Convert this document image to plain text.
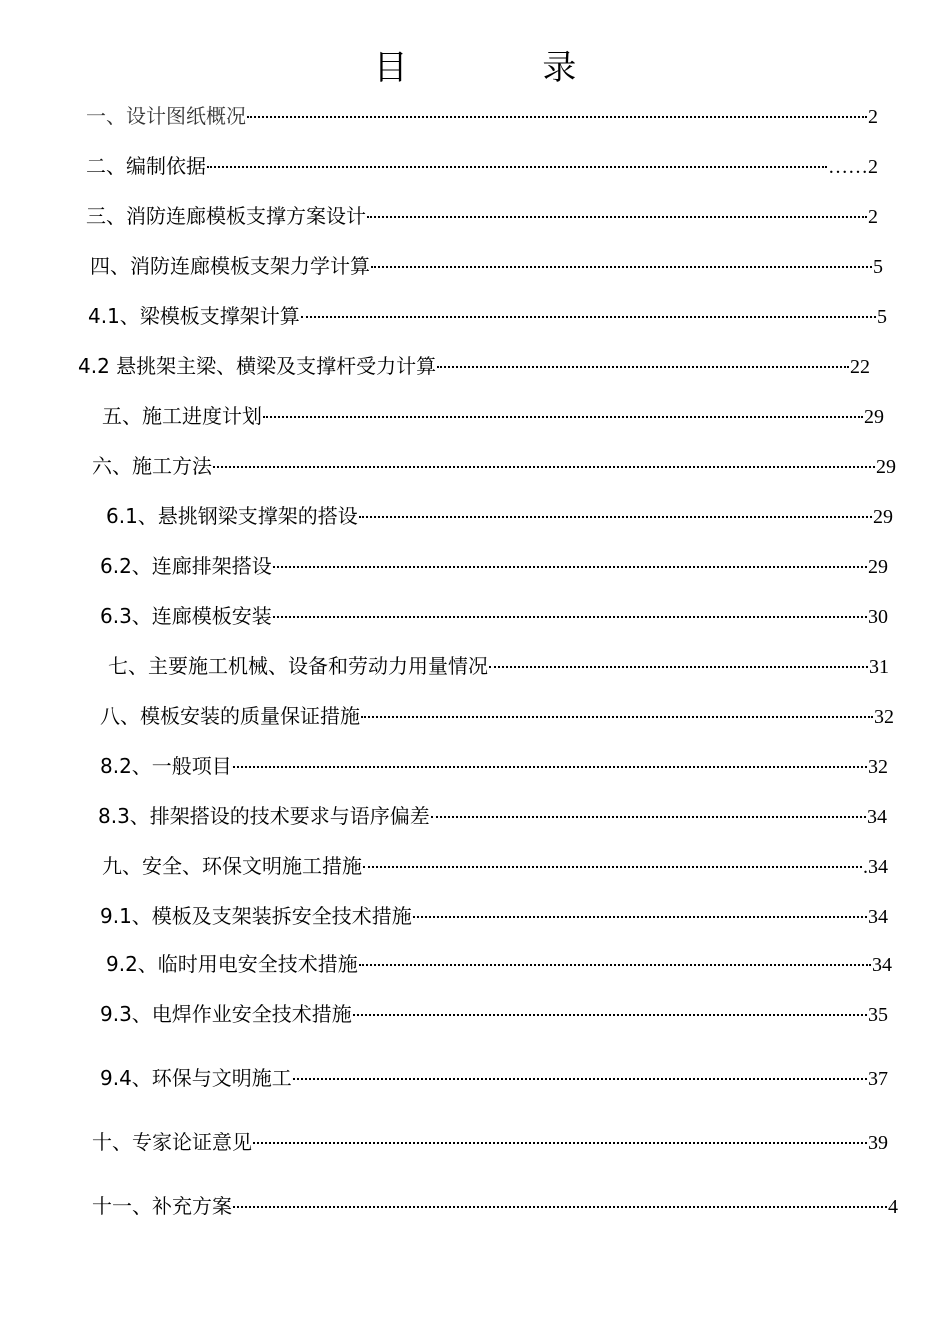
目 录
一、设计图纸概况	2
二、编制依据	……2
三、消防连廊模板支撑方案设计	2
四、消防连廊模板支架力学计算	5
4.1、梁模板支撑架计算	5
4.2 悬挑架主梁、横梁及支撑杆受力计算	22
五、施工进度计划	29
六、施工方法	29
6.1、悬挑钢梁支撑架的搭设	29
6.2、连廊排架搭设	29
6.3、连廊模板安装	30
七、主要施工机械、设备和劳动力用量情况	31
八、模板安装的质量保证措施	32
8.2、一般项目	32
8.3、排架搭设的技术要求与语序偏差	34
九、安全、环保文明施工措施	.34
9.1、模板及支架装拆安全技术措施	34
9.2、临时用电安全技术措施	34
9.3、电焊作业安全技术措施	35
9.4、环保与文明施工	37
十、专家论证意见	39
十一、补充方案	4
